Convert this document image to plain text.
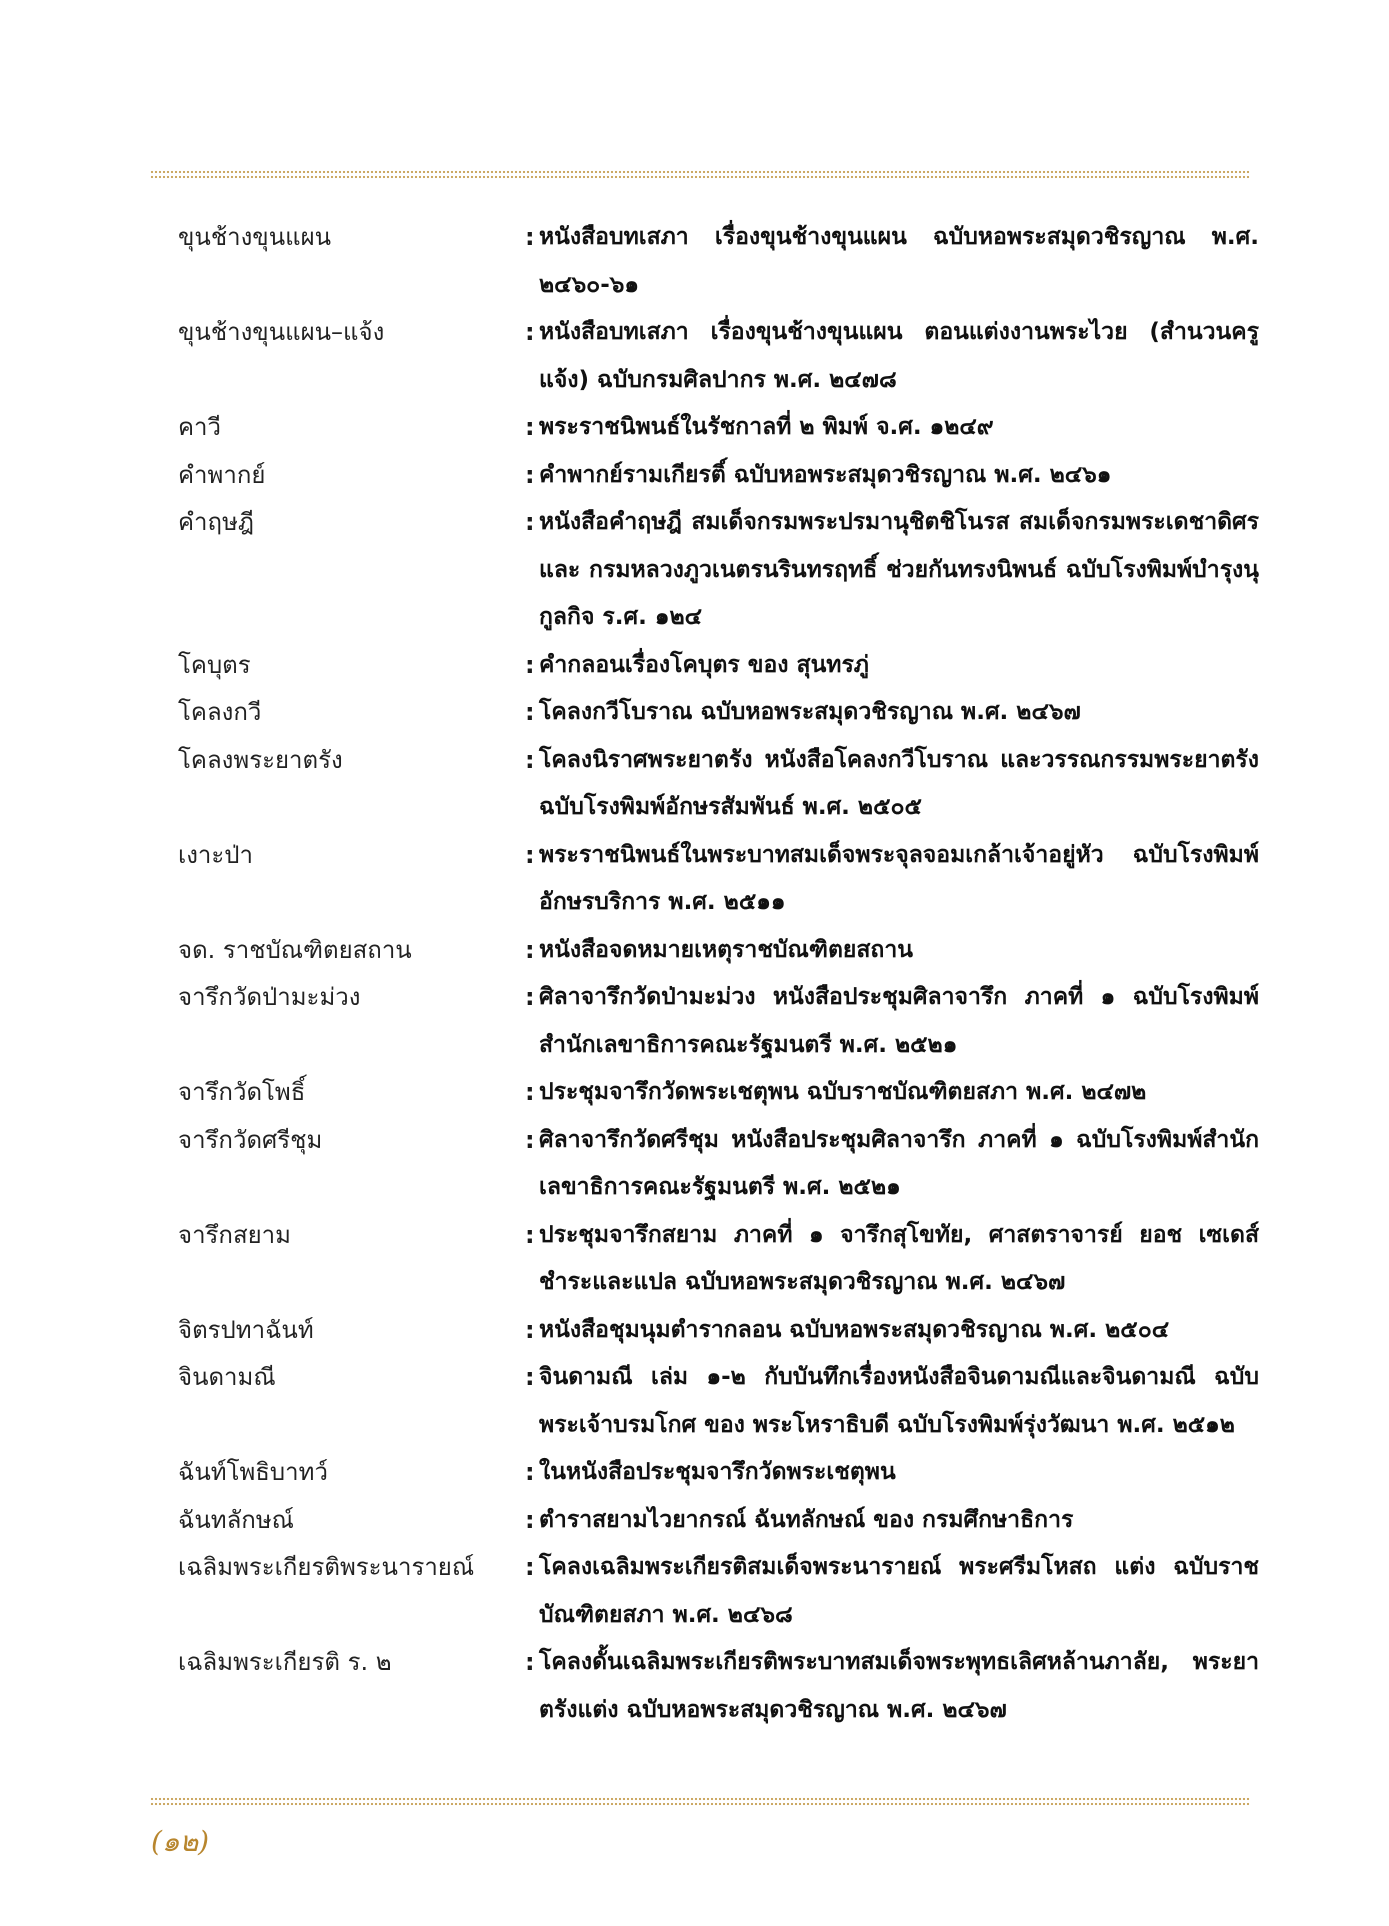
ขุนช้างขุนแผน	: หนังสือบทเสภา เรื่องขุนช้างขุนแผน ฉบับหอพระสมุดวชิรญาณ พ.ศ. ๒๔๖๐-๖๑
ขุนช้างขุนแผน–แจ้ง	: หนังสือบทเสภา เรื่องขุนช้างขุนแผน ตอนแต่งงานพระไวย (สำนวนครูแจ้ง) ฉบับกรมศิลปากร พ.ศ. ๒๔๗๘
คาวี	: พระราชนิพนธ์ในรัชกาลที่ ๒ พิมพ์ จ.ศ. ๑๒๔๙
คำพากย์	: คำพากย์รามเกียรติ์ ฉบับหอพระสมุดวชิรญาณ พ.ศ. ๒๔๖๑
คำฤษฎี	: หนังสือคำฤษฎี สมเด็จกรมพระปรมานุชิตชิโนรส สมเด็จกรมพระเดชาดิศร และ กรมหลวงภูวเนตรนรินทรฤทธิ์ ช่วยกันทรงนิพนธ์ ฉบับโรงพิมพ์บำรุงนุกูลกิจ ร.ศ. ๑๒๔
โคบุตร	: คำกลอนเรื่องโคบุตร ของ สุนทรภู่
โคลงกวี	: โคลงกวีโบราณ ฉบับหอพระสมุดวชิรญาณ พ.ศ. ๒๔๖๗
โคลงพระยาตรัง	: โคลงนิราศพระยาตรัง หนังสือโคลงกวีโบราณ และวรรณกรรมพระยาตรัง ฉบับโรงพิมพ์อักษรสัมพันธ์ พ.ศ. ๒๕๐๕
เงาะป่า	: พระราชนิพนธ์ในพระบาทสมเด็จพระจุลจอมเกล้าเจ้าอยู่หัว ฉบับโรงพิมพ์อักษรบริการ พ.ศ. ๒๕๑๑
จด. ราชบัณฑิตยสถาน	: หนังสือจดหมายเหตุราชบัณฑิตยสถาน
จารึกวัดป่ามะม่วง	: ศิลาจารึกวัดป่ามะม่วง หนังสือประชุมศิลาจารึก ภาคที่ ๑ ฉบับโรงพิมพ์สำนักเลขาธิการคณะรัฐมนตรี พ.ศ. ๒๕๒๑
จารึกวัดโพธิ์	: ประชุมจารึกวัดพระเชตุพน ฉบับราชบัณฑิตยสภา พ.ศ. ๒๔๗๒
จารึกวัดศรีชุม	: ศิลาจารึกวัดศรีชุม หนังสือประชุมศิลาจารึก ภาคที่ ๑ ฉบับโรงพิมพ์สำนักเลขาธิการคณะรัฐมนตรี พ.ศ. ๒๕๒๑
จารึกสยาม	: ประชุมจารึกสยาม ภาคที่ ๑ จารึกสุโขทัย, ศาสตราจารย์ ยอช เซเดส์ ชำระและแปล ฉบับหอพระสมุดวชิรญาณ พ.ศ. ๒๔๖๗
จิตรปทาฉันท์	: หนังสือชุมนุมตำรากลอน ฉบับหอพระสมุดวชิรญาณ พ.ศ. ๒๕๐๔
จินดามณี	: จินดามณี เล่ม ๑-๒ กับบันทึกเรื่องหนังสือจินดามณีและจินดามณี ฉบับพระเจ้าบรมโกศ ของ พระโหราธิบดี ฉบับโรงพิมพ์รุ่งวัฒนา พ.ศ. ๒๕๑๒
ฉันท์โพธิบาทว์	: ในหนังสือประชุมจารึกวัดพระเชตุพน
ฉันทลักษณ์	: ตำราสยามไวยากรณ์ ฉันทลักษณ์ ของ กรมศึกษาธิการ
เฉลิมพระเกียรติพระนารายณ์	: โคลงเฉลิมพระเกียรติสมเด็จพระนารายณ์ พระศรีมโหสถ แต่ง ฉบับราชบัณฑิตยสภา พ.ศ. ๒๔๖๘
เฉลิมพระเกียรติ ร. ๒	: โคลงดั้นเฉลิมพระเกียรติพระบาทสมเด็จพระพุทธเลิศหล้านภาลัย, พระยาตรังแต่ง ฉบับหอพระสมุดวชิรญาณ พ.ศ. ๒๔๖๗
(๑๒)
